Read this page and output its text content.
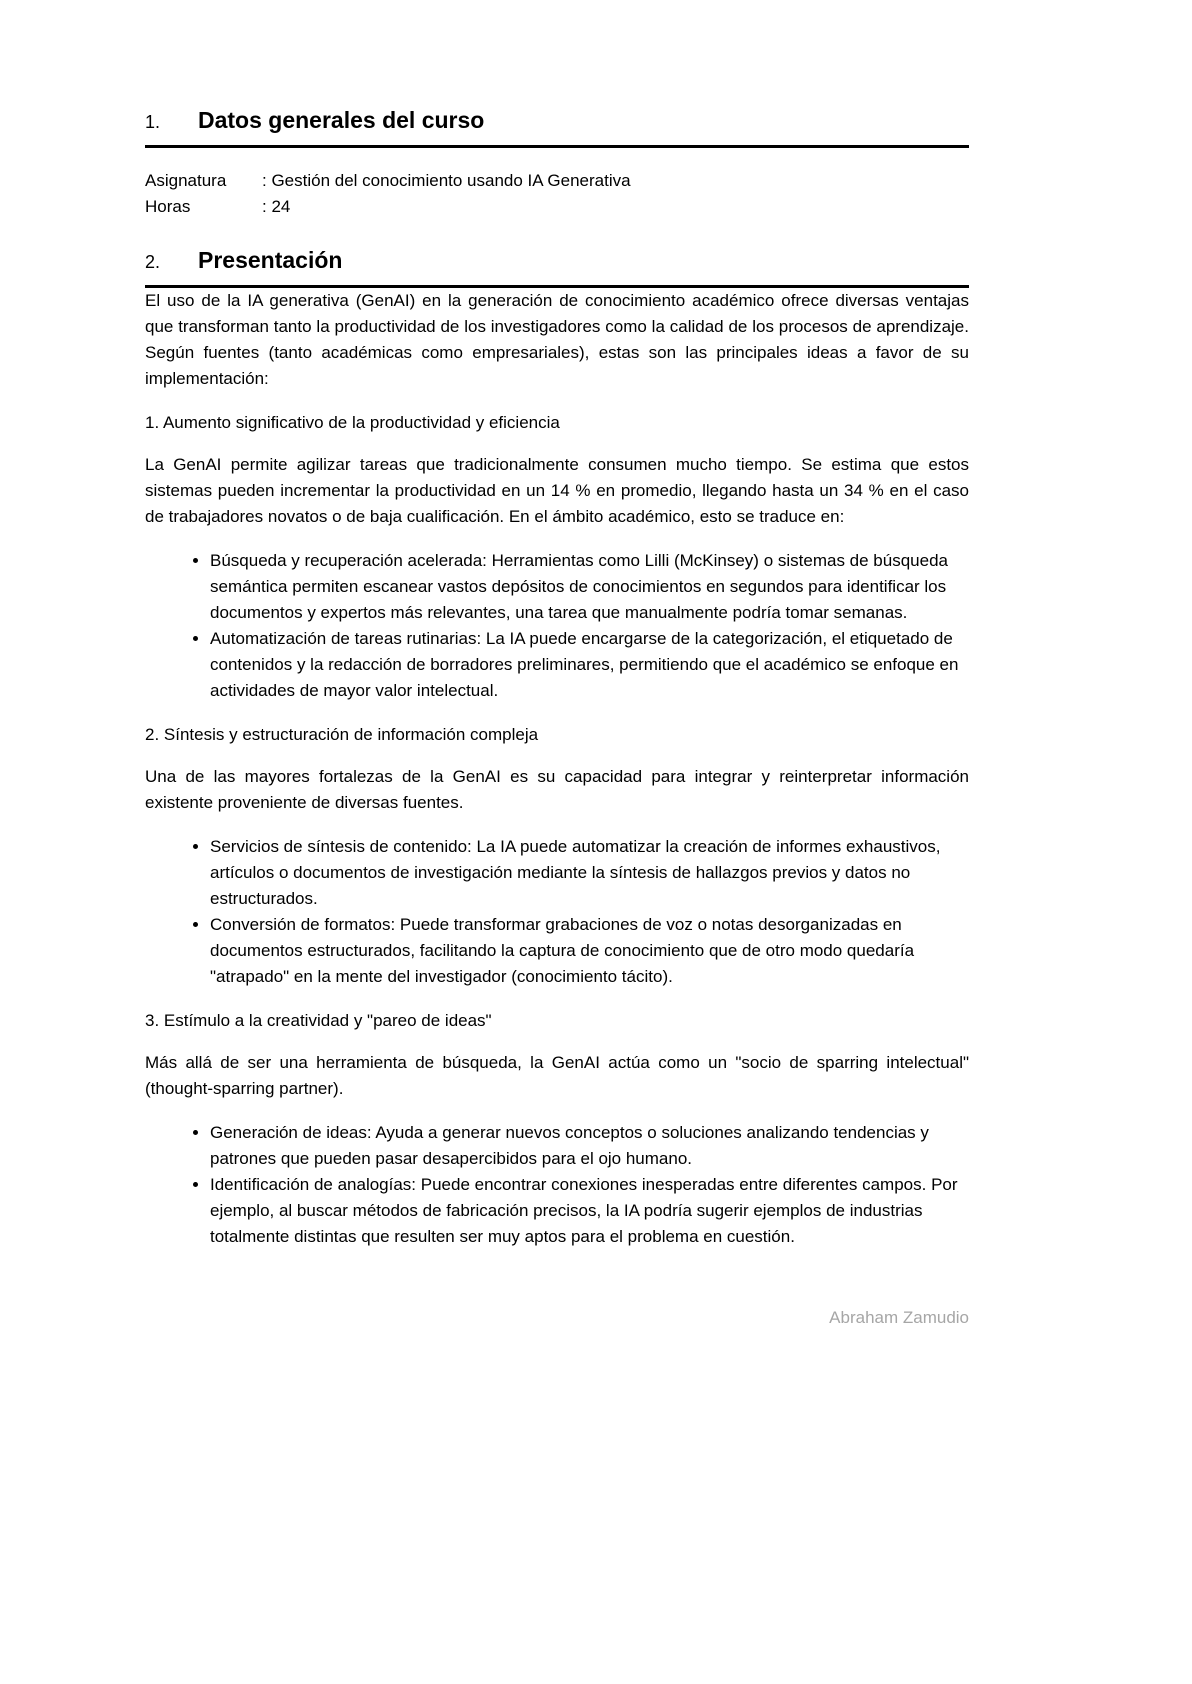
1. Datos generales del curso
Asignatura : Gestión del conocimiento usando IA Generativa
Horas	: 24
2. Presentación

El uso de la IA generativa (GenAI) en la generación de conocimiento académico ofrece diversas ventajas que transforman tanto la productividad de los investigadores como la calidad de los procesos de aprendizaje. Según fuentes (tanto académicas como empresariales), estas son las principales ideas a favor de su implementación:

1. Aumento significativo de la productividad y eficiencia

La GenAI permite agilizar tareas que tradicionalmente consumen mucho tiempo. Se estima que estos sistemas pueden incrementar la productividad en un 14 % en promedio, llegando hasta un 34 % en el caso de trabajadores novatos o de baja cualificación. En el ámbito académico, esto se traduce en:

• Búsqueda y recuperación acelerada: Herramientas como Lilli (McKinsey) o sistemas de búsqueda semántica permiten escanear vastos depósitos de conocimientos en segundos para identificar los documentos y expertos más relevantes, una tarea que manualmente podría tomar semanas.
• Automatización de tareas rutinarias: La IA puede encargarse de la categorización, el etiquetado de contenidos y la redacción de borradores preliminares, permitiendo que el académico se enfoque en actividades de mayor valor intelectual.

2. Síntesis y estructuración de información compleja

Una de las mayores fortalezas de la GenAI es su capacidad para integrar y reinterpretar información existente proveniente de diversas fuentes.

• Servicios de síntesis de contenido: La IA puede automatizar la creación de informes exhaustivos, artículos o documentos de investigación mediante la síntesis de hallazgos previos y datos no estructurados.
• Conversión de formatos: Puede transformar grabaciones de voz o notas desorganizadas en documentos estructurados, facilitando la captura de conocimiento que de otro modo quedaría "atrapado" en la mente del investigador (conocimiento tácito).

3. Estímulo a la creatividad y "pareo de ideas"

Más allá de ser una herramienta de búsqueda, la GenAI actúa como un "socio de sparring intelectual" (thought-sparring partner).

• Generación de ideas: Ayuda a generar nuevos conceptos o soluciones analizando tendencias y patrones que pueden pasar desapercibidos para el ojo humano.
• Identificación de analogías: Puede encontrar conexiones inesperadas entre diferentes campos. Por ejemplo, al buscar métodos de fabricación precisos, la IA podría sugerir ejemplos de industrias totalmente distintas que resulten ser muy aptos para el problema en cuestión.
Abraham Zamudio
